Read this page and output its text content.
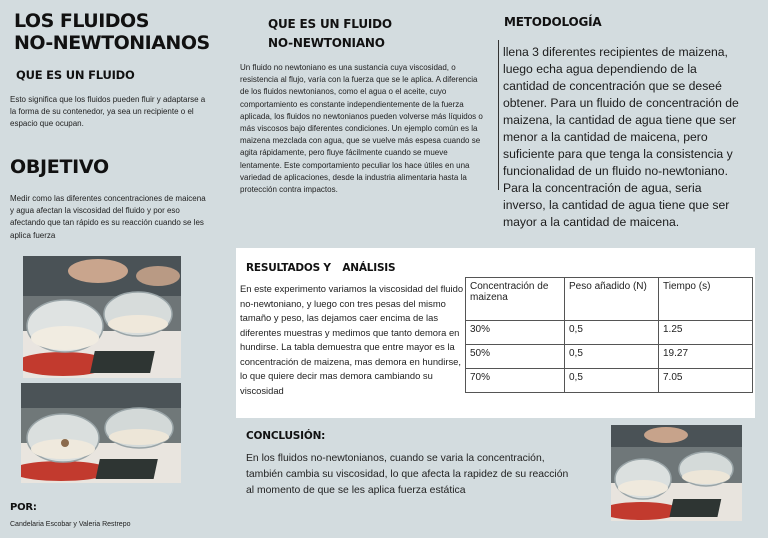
LOS FLUIDOS
NO-NEWTONIANOS
QUE ES UN FLUIDO
Esto significa que los fluidos pueden fluir y adaptarse a la forma de su contenedor, ya sea un recipiente o el espacio que ocupan.
OBJETIVO
Medir como las diferentes concentraciones de maicena y agua afectan la viscosidad del fluido y por eso afectando que tan rápido es su reacción cuando se les aplica fuerza
POR:
Candelaria Escobar y Valeria Restrepo
QUE ES UN FLUIDO
NO-NEWTONIANO
Un fluido no newtoniano es una sustancia cuya viscosidad, o resistencia al flujo, varía con la fuerza que se le aplica. A diferencia de los fluidos newtonianos, como el agua o el aceite, cuyo comportamiento es constante independientemente de la fuerza aplicada, los fluidos no newtonianos pueden volverse más líquidos o más viscosos bajo diferentes condiciones. Un ejemplo común es la maizena mezclada con agua, que se vuelve más espesa cuando se agita rápidamente, pero fluye fácilmente cuando se mueve lentamente. Este comportamiento peculiar los hace útiles en una variedad de aplicaciones, desde la industria alimentaria hasta la protección contra impactos.
METODOLOGÍA
llena 3 diferentes recipientes de maizena, luego echa agua dependiendo de la cantidad de concentración que se deseé obtener. Para un fluido de concentración de maizena, la cantidad de agua tiene que ser menor a la cantidad de maicena, pero suficiente para que tenga la consistencia y funcionalidad de un fluido no-newtoniano. Para la concentración de agua, seria inverso, la cantidad de agua tiene que ser mayor a la cantidad de maicena.
RESULTADOS Y ANÁLISIS
En este experimento variamos la viscosidad del fluido no-newtoniano, y luego con tres pesas del mismo tamaño y peso, las dejamos caer encima de las diferentes muestras y medimos que tanto demora en hundirse. La tabla demuestra que entre mayor es la concentración de maizena, mas demora en hundirse, lo que quiere decir mas demora cambiando su viscosidad
Concentración de maizena	Peso añadido (N)	Tiempo (s)
30%	0,5	1.25
50%	0,5	19.27
70%	0,5	7.05
CONCLUSIÓN:
En los fluidos no-newtonianos, cuando se varia la concentración, también cambia su viscosidad, lo que afecta la rapidez de su reacción al momento de que se les aplica fuerza estática
